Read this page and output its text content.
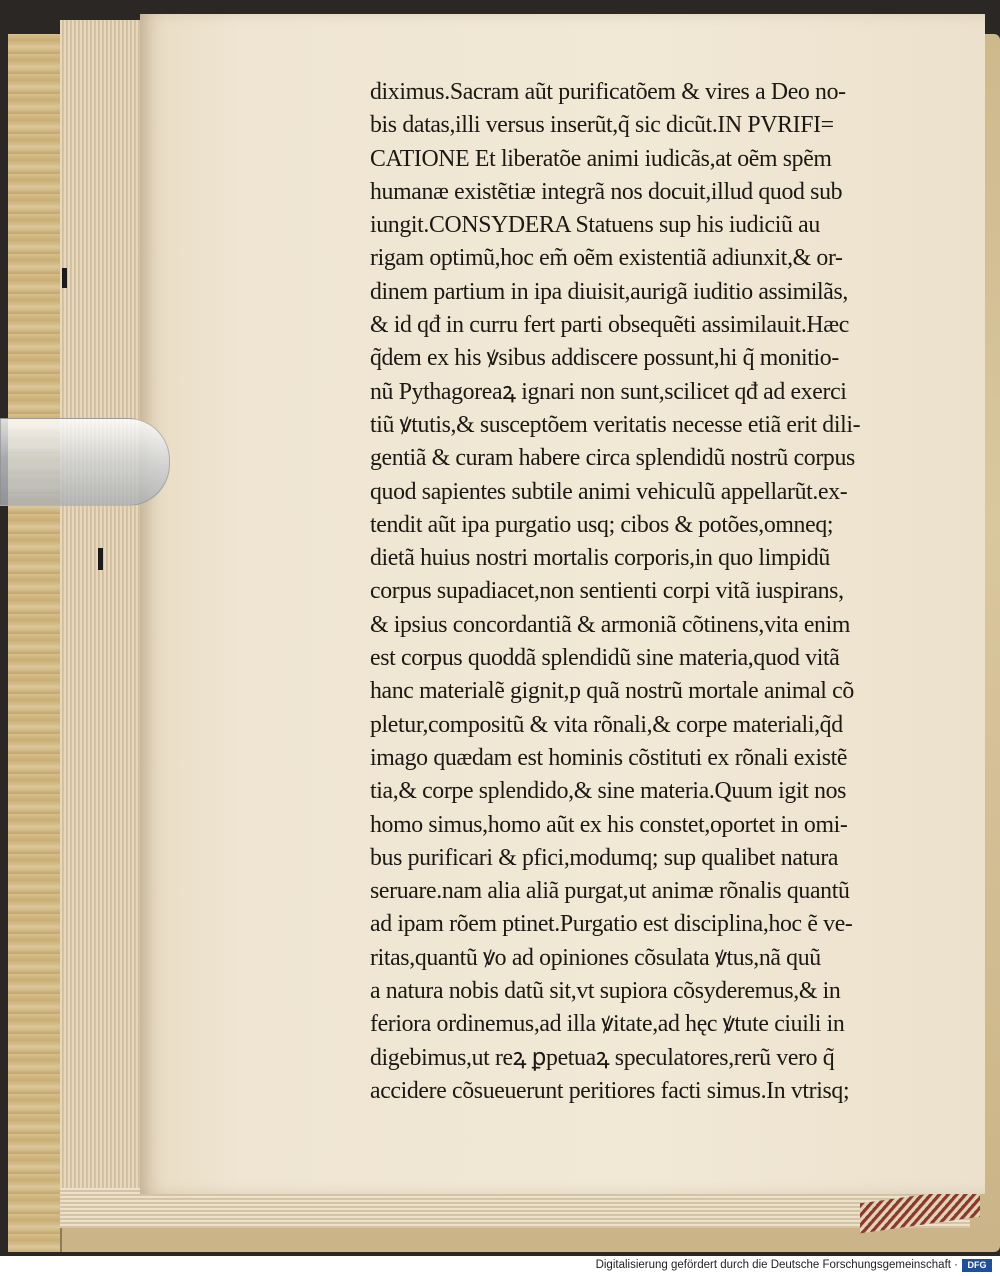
diximus.Sacram aũt purificatõem & vires a Deo no-
bis datas,illi versus inserũt,q̃ sic dicũt.IN PVRIFI=
CATIONE Et liberatõe animi iudicãs,at oẽm spẽm
humanæ existẽtiæ integrã nos docuit,illud quod sub
iungit.CONSYDERA Statuens sup his iudiciũ au
rigam optimũ,hoc em̃ oẽm existentiã adiunxit,& or-
dinem partium in ipa diuisit,aurigã iuditio assimilãs,
& id qđ in curru fert parti obsequẽti assimilauit.Hæc
q̃dem ex his ꝟsibus addiscere possunt,hi q̃ monitio-
nũ Pythagoreaꝝ ignari non sunt,scilicet qđ ad exerci
tiũ ꝟtutis,& susceptõem veritatis necesse etiã erit dili-
gentiã & curam habere circa splendidũ nostrũ corpus
quod sapientes subtile animi vehiculũ appellarũt.ex-
tendit aũt ipa purgatio usq; cibos & potões,omneq;
dietã huius nostri mortalis corporis,in quo limpidũ
corpus supadiacet,non sentienti corpi vitã iuspirans,
& ipsius concordantiã & armoniã cõtinens,vita enim
est corpus quoddã splendidũ sine materia,quod vitã
hanc materialẽ gignit,p quã nostrũ mortale animal cõ
pletur,compositũ & vita rõnali,& corpe materiali,q̃d
imago quædam est hominis cõstituti ex rõnali existẽ
tia,& corpe splendido,& sine materia.Quum igit nos
homo simus,homo aũt ex his constet,oportet in omi-
bus purificari & pfici,modumq; sup qualibet natura
seruare.nam alia aliã purgat,ut animæ rõnalis quantũ
ad ipam rõem ptinet.Purgatio est disciplina,hoc ẽ ve-
ritas,quantũ ꝟo ad opiniones cõsulata ꝟtus,nã quũ
a natura nobis datũ sit,vt supiora cõsyderemus,& in
feriora ordinemus,ad illa ꝟitate,ad hęc ꝟtute ciuili in
digebimus,ut reꝝ ꝑpetuaꝝ speculatores,rerũ vero q̃
accidere cõsueuerunt peritiores facti simus.In vtrisq;
Digitalisierung gefördert durch die Deutsche Forschungsgemeinschaft ·	DFG
